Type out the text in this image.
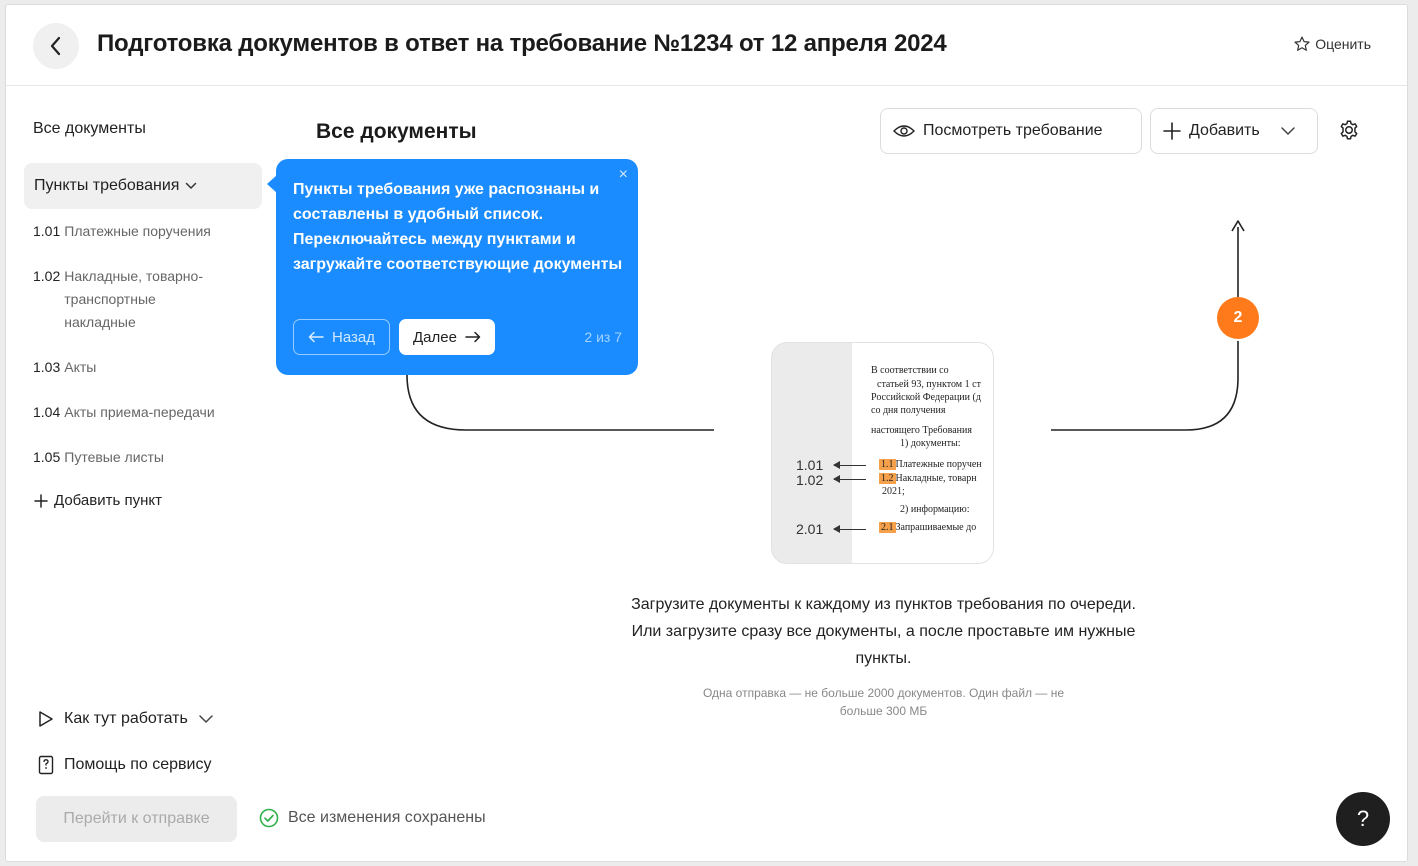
Подготовка документов в ответ на требование №1234 от 12 апреля 2024	Оценить
Все документы
Пункты требования
1.01 Платежные поручения
1.02 Накладные, товарно-транспортные накладные
1.03 Акты
1.04 Акты приема-передачи
1.05 Путевые листы
Добавить пункт
Как тут работать
Помощь по сервису
Перейти к отправке	Все изменения сохранены
Все документы	Посмотреть требование	Добавить
В соответствии со
статьей 93, пунктом 1 ст
Российской Федерации (д
со дня получения
настоящего Требования
1) документы:
1.1 Платежные поручен
1.2 Накладные, товарн
2021;
2) информацию:
2.1 Запрашиваемые до
1.01
1.02
2.01
2
Загрузите документы к каждому из пунктов требования по очереди. Или загрузите сразу все документы, а после проставьте им нужные пункты.
Одна отправка — не больше 2000 документов. Один файл — не больше 300 МБ
×
Пункты требования уже распознаны и составлены в удобный список. Переключайтесь между пунктами и загружайте соответствующие документы
Назад	Далее	2 из 7
?
